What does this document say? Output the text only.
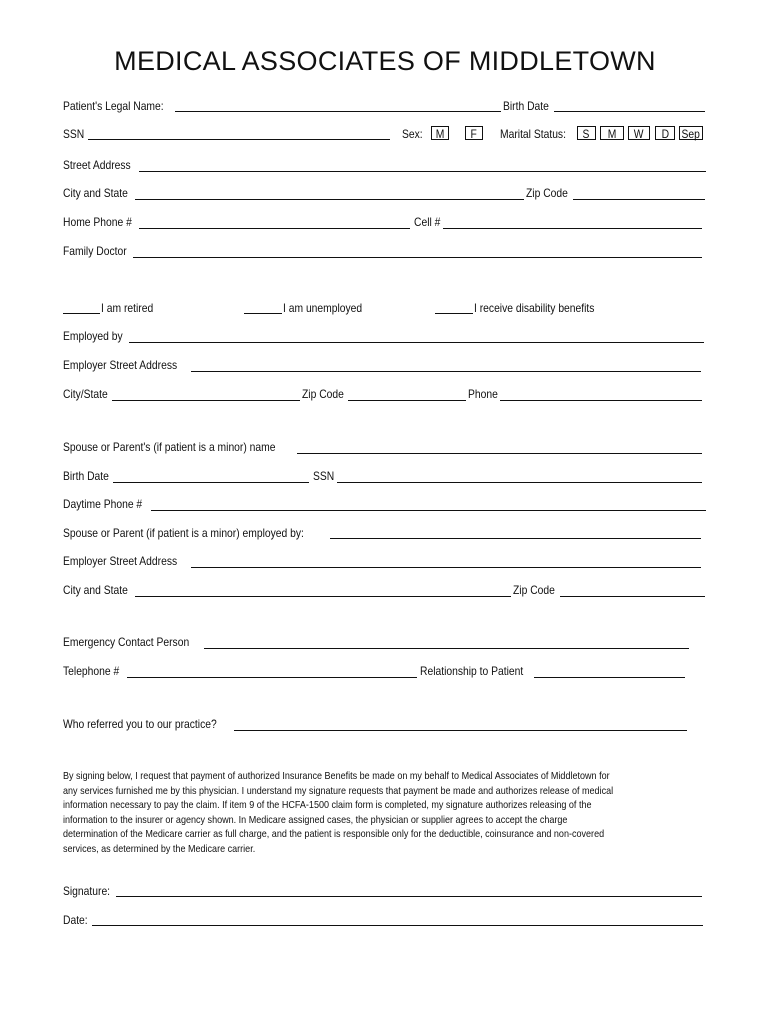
MEDICAL ASSOCIATES OF MIDDLETOWN
Patient's Legal Name:	Birth Date
SSN	Sex:	M	F	Marital Status:	S	M	W	D	Sep
Street Address
City and State	Zip Code
Home Phone #	Cell #
Family Doctor
I am retired	I am unemployed	I receive disability benefits
Employed by
Employer Street Address
City/State	Zip Code	Phone
Spouse or Parent's (if patient is a minor) name
Birth Date	SSN
Daytime Phone #
Spouse or Parent (if patient is a minor) employed by:
Employer Street Address
City and State	Zip Code
Emergency Contact Person
Telephone #	Relationship to Patient
Who referred you to our practice?
By signing below, I request that payment of authorized Insurance Benefits be made on my behalf to Medical Associates of Middletown for
any services furnished me by this physician. I understand my signature requests that payment be made and authorizes release of medical
information necessary to pay the claim. If item 9 of the HCFA-1500 claim form is completed, my signature authorizes releasing of the
information to the insurer or agency shown. In Medicare assigned cases, the physician or supplier agrees to accept the charge
determination of the Medicare carrier as full charge, and the patient is responsible only for the deductible, coinsurance and non-covered
services, as determined by the Medicare carrier.
Signature:
Date:
